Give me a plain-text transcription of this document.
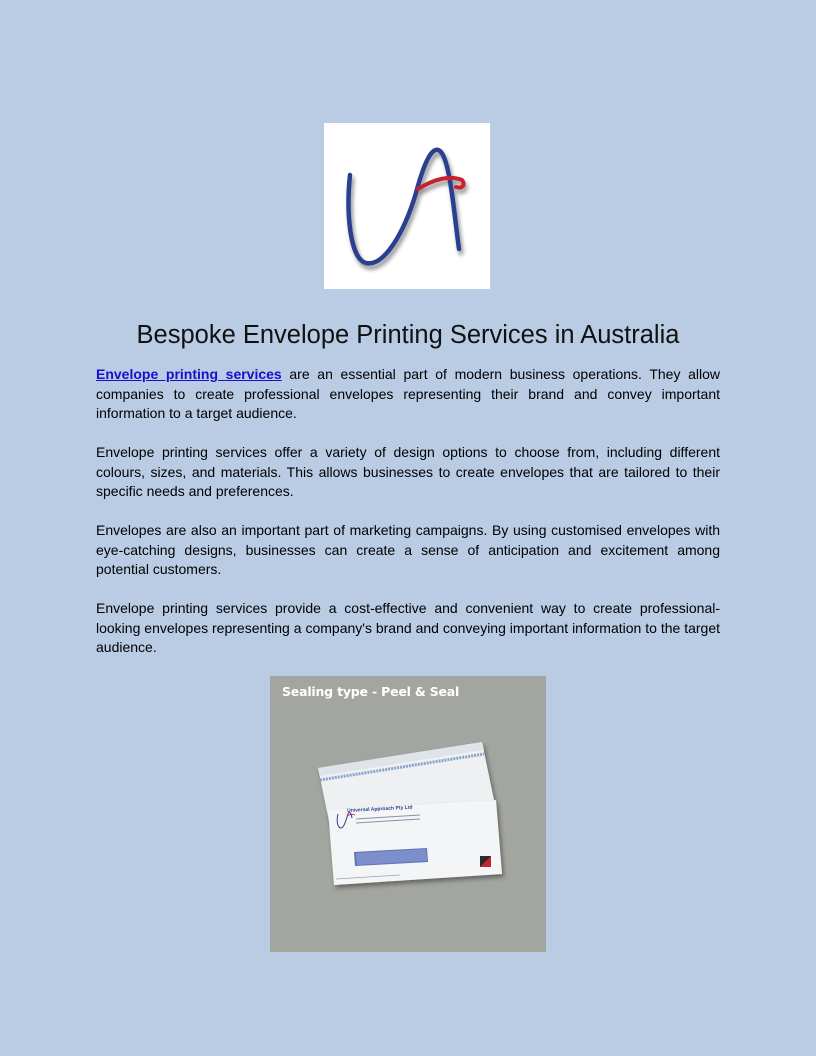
Bespoke Envelope Printing Services in Australia

Envelope printing services are an essential part of modern business operations. They allow companies to create professional envelopes representing their brand and convey important information to a target audience.

Envelope printing services offer a variety of design options to choose from, including different colours, sizes, and materials. This allows businesses to create envelopes that are tailored to their specific needs and preferences.

Envelopes are also an important part of marketing campaigns. By using customised envelopes with eye-catching designs, businesses can create a sense of anticipation and excitement among potential customers.

Envelope printing services provide a cost-effective and convenient way to create professional-looking envelopes representing a company's brand and conveying important information to the target audience.

Sealing type - Peel & Seal
Universal Approach Pty Ltd
